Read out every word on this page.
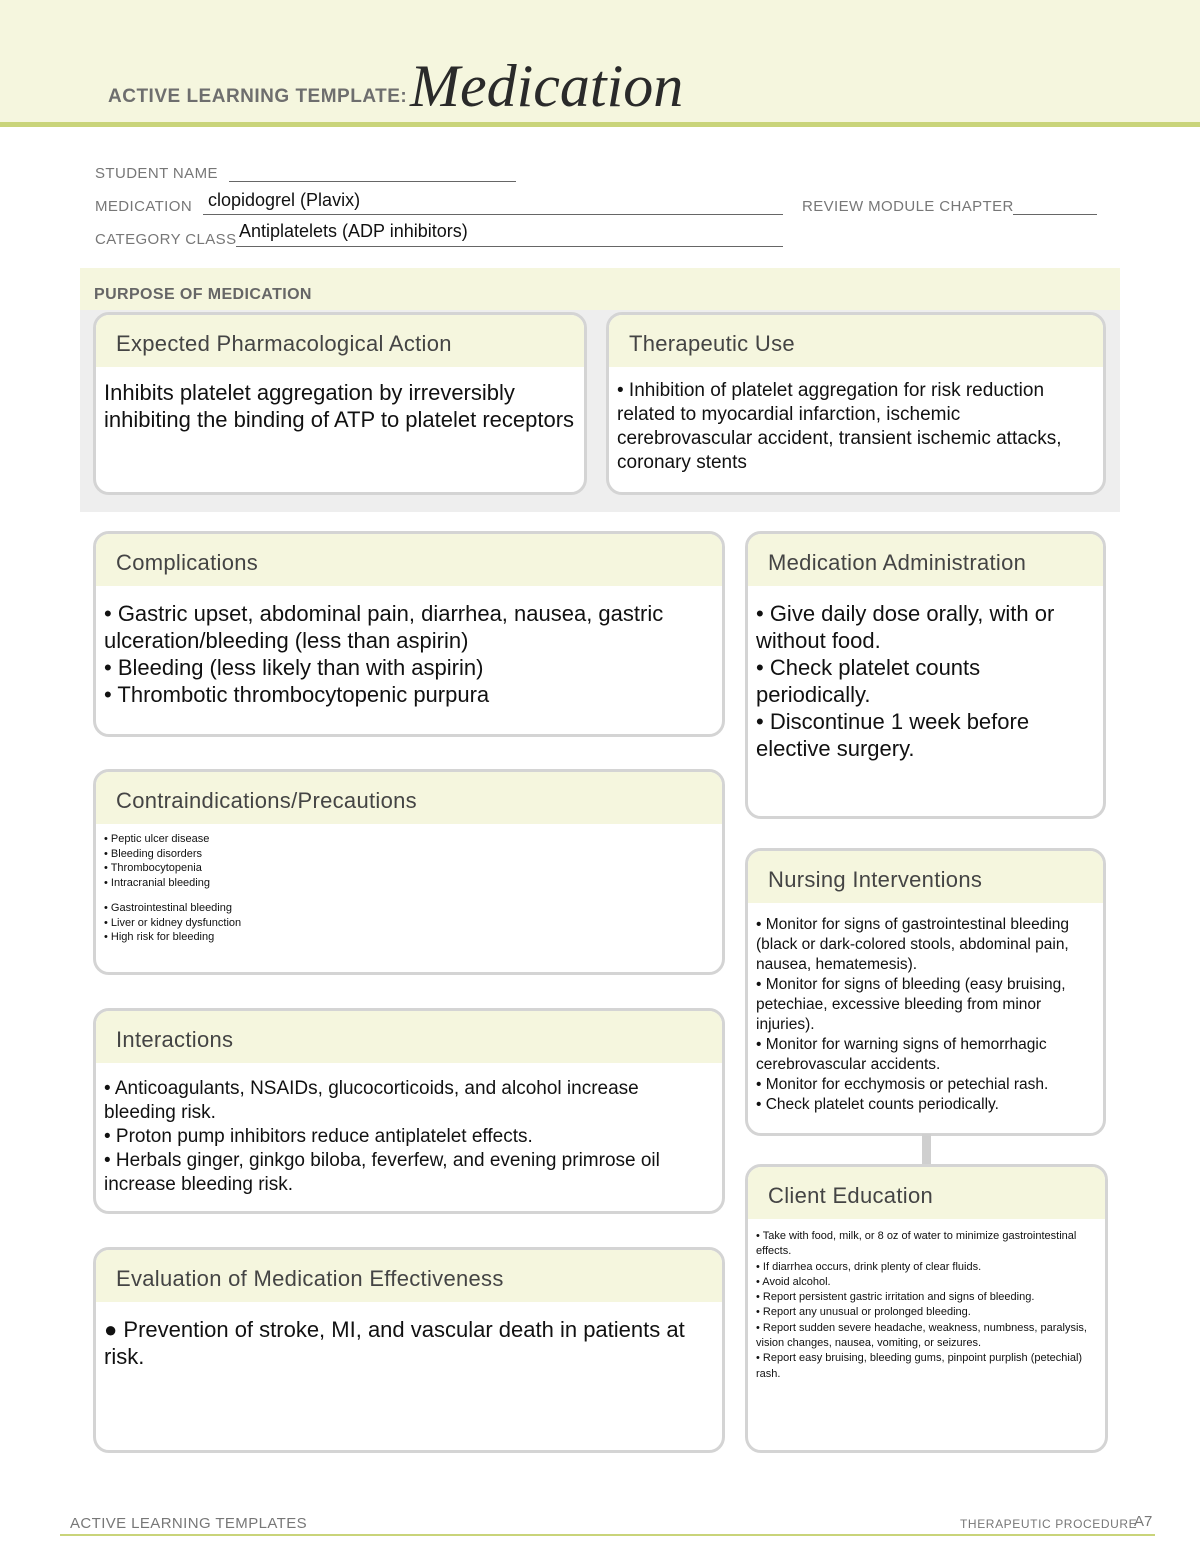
ACTIVE LEARNING TEMPLATE: Medication
STUDENT NAME
MEDICATION clopidogrel (Plavix)	REVIEW MODULE CHAPTER
CATEGORY CLASS Antiplatelets (ADP inhibitors)
PURPOSE OF MEDICATION
Expected Pharmacological Action
Inhibits platelet aggregation by irreversibly inhibiting the binding of ATP to platelet receptors
Therapeutic Use
• Inhibition of platelet aggregation for risk reduction related to myocardial infarction, ischemic cerebrovascular accident, transient ischemic attacks, coronary stents
Complications
• Gastric upset, abdominal pain, diarrhea, nausea, gastric ulceration/bleeding (less than aspirin)
• Bleeding (less likely than with aspirin)
• Thrombotic thrombocytopenic purpura
Contraindications/Precautions
• Peptic ulcer disease
• Bleeding disorders
• Thrombocytopenia
• Intracranial bleeding
• Gastrointestinal bleeding
• Liver or kidney dysfunction
• High risk for bleeding
Interactions
• Anticoagulants, NSAIDs, glucocorticoids, and alcohol increase bleeding risk.
• Proton pump inhibitors reduce antiplatelet effects.
• Herbals ginger, ginkgo biloba, feverfew, and evening primrose oil increase bleeding risk.
Evaluation of Medication Effectiveness
● Prevention of stroke, MI, and vascular death in patients at risk.
Medication Administration
• Give daily dose orally, with or without food.
• Check platelet counts periodically.
• Discontinue 1 week before elective surgery.
Nursing Interventions
• Monitor for signs of gastrointestinal bleeding (black or dark-colored stools, abdominal pain, nausea, hematemesis).
• Monitor for signs of bleeding (easy bruising, petechiae, excessive bleeding from minor injuries).
• Monitor for warning signs of hemorrhagic cerebrovascular accidents.
• Monitor for ecchymosis or petechial rash.
• Check platelet counts periodically.
Client Education
• Take with food, milk, or 8 oz of water to minimize gastrointestinal effects.
• If diarrhea occurs, drink plenty of clear fluids.
• Avoid alcohol.
• Report persistent gastric irritation and signs of bleeding.
• Report any unusual or prolonged bleeding.
• Report sudden severe headache, weakness, numbness, paralysis, vision changes, nausea, vomiting, or seizures.
• Report easy bruising, bleeding gums, pinpoint purplish (petechial) rash.
ACTIVE LEARNING TEMPLATES	THERAPEUTIC PROCEDURE
A7
